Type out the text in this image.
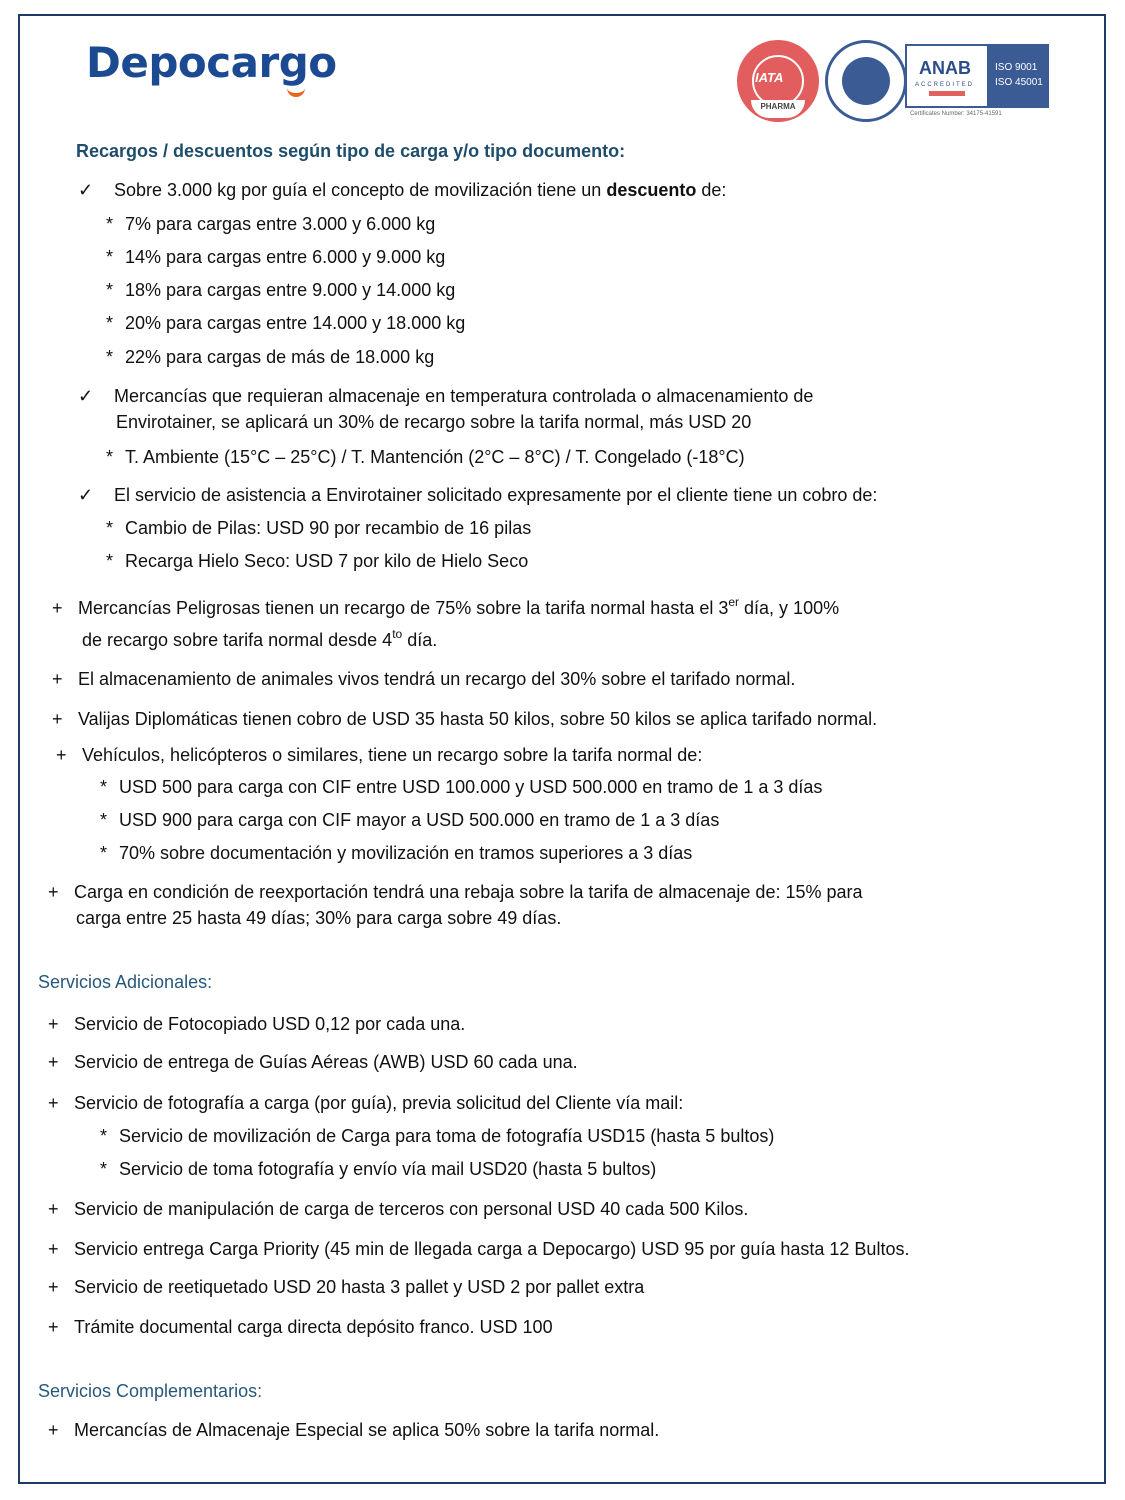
Depocargo	IATA
PHARMA
ANAB
ACCREDITED
ISO 9001
ISO 45001
Certificates Number: 34175-41591
Recargos / descuentos según tipo de carga y/o tipo documento:
✓ Sobre 3.000 kg por guía el concepto de movilización tiene un descuento de:
* 7% para cargas entre 3.000 y 6.000 kg
* 14% para cargas entre 6.000 y 9.000 kg
* 18% para cargas entre 9.000 y 14.000 kg
* 20% para cargas entre 14.000 y 18.000 kg
* 22% para cargas de más de 18.000 kg
✓ Mercancías que requieran almacenaje en temperatura controlada o almacenamiento de
Envirotainer, se aplicará un 30% de recargo sobre la tarifa normal, más USD 20
* T. Ambiente (15°C – 25°C) / T. Mantención (2°C – 8°C) / T. Congelado (-18°C)
✓ El servicio de asistencia a Envirotainer solicitado expresamente por el cliente tiene un cobro de:
* Cambio de Pilas: USD 90 por recambio de 16 pilas
* Recarga Hielo Seco: USD 7 por kilo de Hielo Seco
+ Mercancías Peligrosas tienen un recargo de 75% sobre la tarifa normal hasta el 3er día, y 100%
de recargo sobre tarifa normal desde $4^{to}$ día.
+ El almacenamiento de animales vivos tendrá un recargo del 30% sobre el tarifado normal.
+ Valijas Diplomáticas tienen cobro de USD 35 hasta 50 kilos, sobre 50 kilos se aplica tarifado normal.
+ Vehículos, helicópteros o similares, tiene un recargo sobre la tarifa normal de:
* USD 500 para carga con CIF entre USD 100.000 y USD 500.000 en tramo de 1 a 3 días
* USD 900 para carga con CIF mayor a USD 500.000 en tramo de 1 a 3 días
* 70% sobre documentación y movilización en tramos superiores a 3 días
+ Carga en condición de reexportación tendrá una rebaja sobre la tarifa de almacenaje de: 15% para
carga entre 25 hasta 49 días; 30% para carga sobre 49 días.
Servicios Adicionales:
+ Servicio de Fotocopiado USD 0,12 por cada una.
+ Servicio de entrega de Guías Aéreas (AWB) USD 60 cada una.
+ Servicio de fotografía a carga (por guía), previa solicitud del Cliente vía mail:
* Servicio de movilización de Carga para toma de fotografía USD15 (hasta 5 bultos)
* Servicio de toma fotografía y envío vía mail USD20 (hasta 5 bultos)
+ Servicio de manipulación de carga de terceros con personal USD 40 cada 500 Kilos.
+ Servicio entrega Carga Priority (45 min de llegada carga a Depocargo) USD 95 por guía hasta 12 Bultos.
+ Servicio de reetiquetado USD 20 hasta 3 pallet y USD 2 por pallet extra
+ Trámite documental carga directa depósito franco. USD 100
Servicios Complementarios:
+ Mercancías de Almacenaje Especial se aplica 50% sobre la tarifa normal.
